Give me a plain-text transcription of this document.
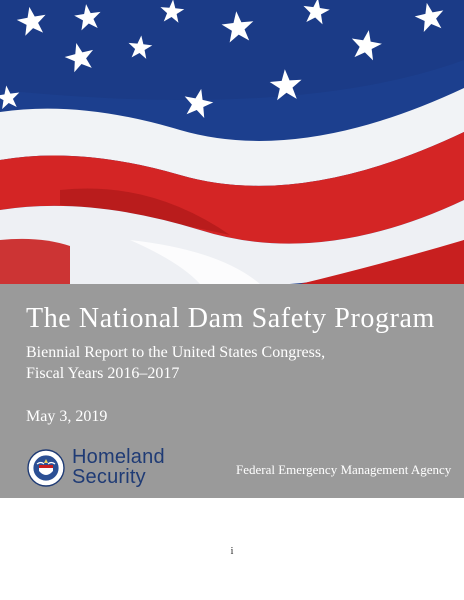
The National Dam Safety Program
Biennial Report to the United States Congress,
Fiscal Years 2016–2017
May 3, 2019
Homeland
Security	Federal Emergency Management Agency
i
